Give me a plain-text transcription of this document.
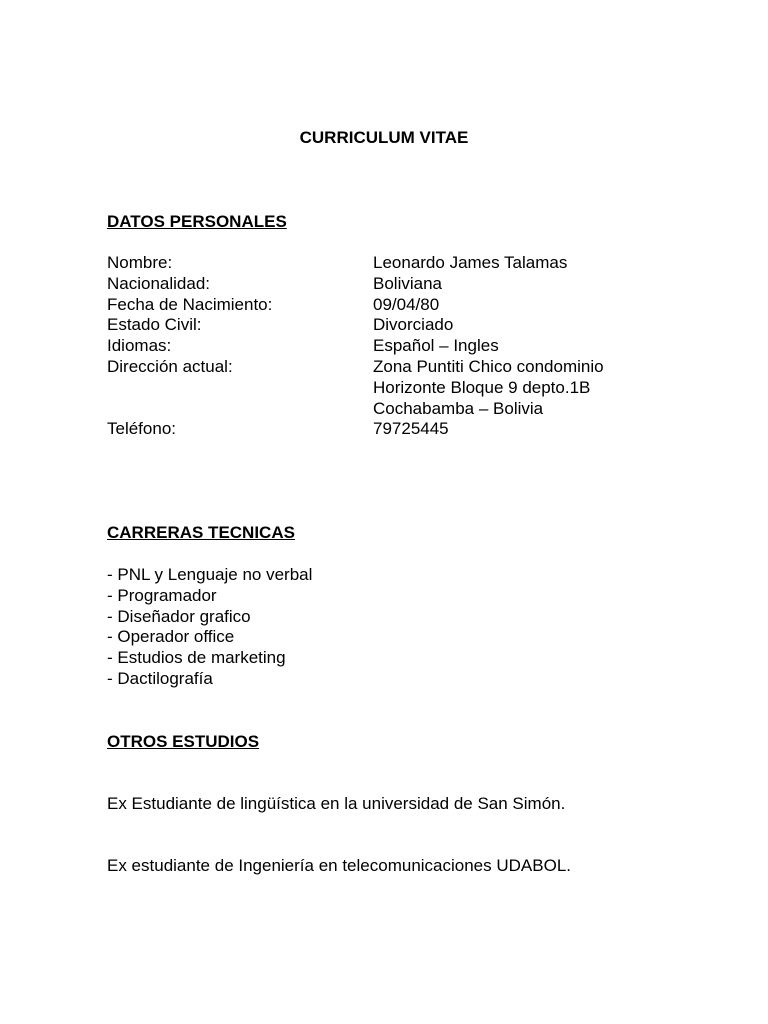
CURRICULUM VITAE
DATOS PERSONALES
Nombre:	Leonardo James Talamas
Nacionalidad:	Boliviana
Fecha de Nacimiento:	09/04/80
Estado Civil:	Divorciado
Idiomas:	Español – Ingles
Dirección actual:	Zona Puntiti Chico condominio
Horizonte Bloque 9 depto.1B
Cochabamba – Bolivia
Teléfono:	79725445
CARRERAS TECNICAS
- PNL y Lenguaje no verbal
- Programador
- Diseñador grafico
- Operador office
- Estudios de marketing
- Dactilografía
OTROS ESTUDIOS
Ex Estudiante de lingüística en la universidad de San Simón.
Ex estudiante de Ingeniería en telecomunicaciones UDABOL.
